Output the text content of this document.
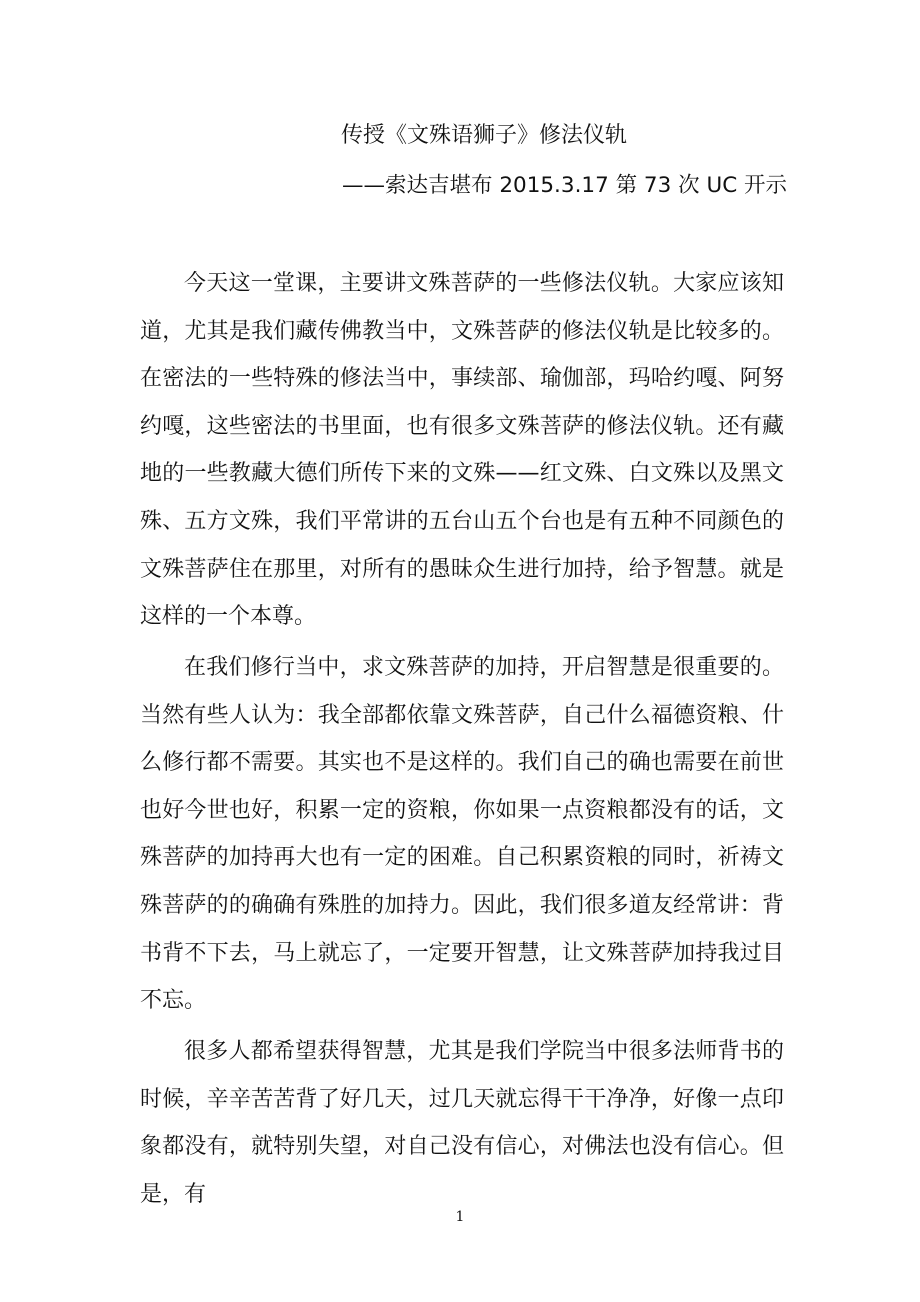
传授《文殊语狮子》修法仪轨
——索达吉堪布 2015.3.17 第 73 次 UC 开示

今天这一堂课，主要讲文殊菩萨的一些修法仪轨。大家应该知道，尤其是我们藏传佛教当中，文殊菩萨的修法仪轨是比较多的。在密法的一些特殊的修法当中，事续部、瑜伽部，玛哈约嘎、阿努约嘎，这些密法的书里面，也有很多文殊菩萨的修法仪轨。还有藏地的一些教藏大德们所传下来的文殊——红文殊、白文殊以及黑文殊、五方文殊，我们平常讲的五台山五个台也是有五种不同颜色的文殊菩萨住在那里，对所有的愚昧众生进行加持，给予智慧。就是这样的一个本尊。

在我们修行当中，求文殊菩萨的加持，开启智慧是很重要的。当然有些人认为：我全部都依靠文殊菩萨，自己什么福德资粮、什么修行都不需要。其实也不是这样的。我们自己的确也需要在前世也好今世也好，积累一定的资粮，你如果一点资粮都没有的话，文殊菩萨的加持再大也有一定的困难。自己积累资粮的同时，祈祷文殊菩萨的的确确有殊胜的加持力。因此，我们很多道友经常讲：背书背不下去，马上就忘了，一定要开智慧，让文殊菩萨加持我过目不忘。

很多人都希望获得智慧，尤其是我们学院当中很多法师背书的时候，辛辛苦苦背了好几天，过几天就忘得干干净净，好像一点印象都没有，就特别失望，对自己没有信心，对佛法也没有信心。但是，有

1
